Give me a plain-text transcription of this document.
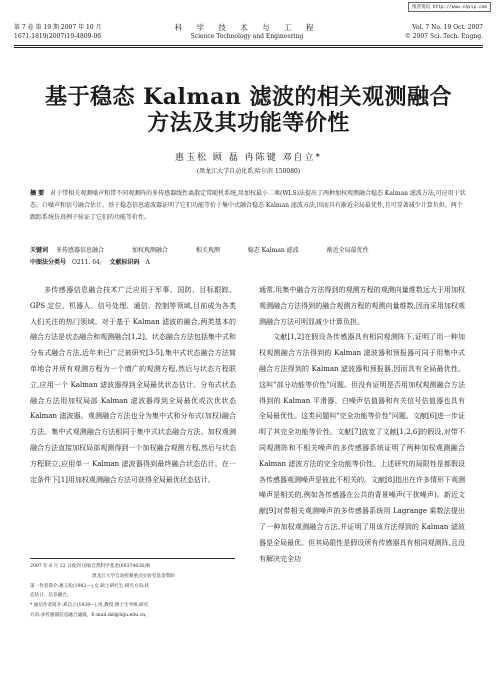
维普资讯 http://www.cqvip.com
第 7 卷 第 19 期 2007 年 10 月
1671-1819(2007)19-4809-06
科 学 技 术 与 工 程
Science Technology and Engineering
Vol. 7 No. 19 Oct. 2007
© 2007 Sci. Tech. Engng.
基于稳态 Kalman 滤波的相关观测融合
方法及其功能等价性
惠玉松 顾 磊 冉陈键 邓自立*
(黑龙江大学自动化系,哈尔滨 150080)
摘 要 对于带相关观测噪声和带不同观测阵的多传感器线性离散定常随机系统,用加权最小二乘(WLS)法提出了两种加权观测融合稳态 Kalman 滤波方法,可应用于状态、白噪声和信号融合估计。基于稳态信息滤波器证明了它们功能等价于集中式融合稳态 Kalman 滤波方法,因而具有渐近全局最优性,且可显著减少计算负担。两个跟踪系统仿真例子验证了它们的功能等价性。
关键词 多传感器信息融合	加权观测融合	相关观测	稳态 Kalman 滤波	渐近全局最优性
中图法分类号 O211. 64; 文献标识码 A

多传感器信息融合技术广泛应用于军事、国防、目标跟踪、GPS 定位、机器人、信号处理、通信、控制等领域,目前成为各类人们关注的热门领域。对于基于 Kalman 滤波的融合,两类基本的融合方法是状态融合和观测融合[1,2]。状态融合方法包括集中式和分布式融合方法,近年来已广泛被研究[3-5],集中式状态融合方法简单地合并所有观测方程为一个增广的观测方程,然后与状态方程联立,应用一个 Kalman 滤波器得到全局最优状态估计。分布式状态融合方法用加权局部 Kalman 滤波器得到全局最优或次优状态 Kalman 滤波器。观测融合方法也分为集中式和分布式(加权)融合方法。集中式观测融合方法相同于集中式状态融合方法。加权观测融合方法直接加权局部观测得到一个加权融合观测方程,然后与状态方程联立,应用单一 Kalman 滤波器得到最终融合状态估计。在一定条件下[1]用加权观测融合方法可获得全局最优状态估计。

通常,用集中融合方法得到的观测方程的观测向量维数远大于用加权观测融合方法得到的融合观测方程的观测向量维数,因而采用加权观测融合方法可明显减少计算负担。

文献[1,2]在假设各传感器具有相同观测阵下,证明了用一种加权观测融合方法得到的 Kalman 滤波器和预报器可同于用集中式融合方法得到的 Kalman 滤波器和预报器,因而具有全局最优性。这叫"部分功能等价性"问题。但没有证明是否用加权观测融合方法得到的 Kalman 平滑器、白噪声估值器和有关信号估值器也具有全局最优性。这类问题叫"完全功能等价性"问题。文献[6]进一步证明了其完全功能等价性。文献[7]放宽了文献[1,2,6]的假设,对带不同观测阵和不相关噪声的多传感器系统证明了两种加权观测融合 Kalman 滤波方法的完全功能等价性。上述研究的局限性是都假设各传感器观测噪声是彼此不相关的。文献[8]指出在许多情形下观测噪声是相关的,例如各传感器在公共的背景噪声(干扰噪声)。新近文献[9]对带相关观测噪声的多传感器系统用 Lagrange 乘数法提出了一种加权观测融合方法,并证明了用该方法得到的 Kalman 滤波器是全局最优。但其局限性是假设所有传感器具有相同观测阵,且没有解决完全功

2007 年 6 月 12 日收到 国家自然科学基金(60374026)和
黑龙江大学自动控制重点实验室基金资助
第一作者简介:惠玉松(1982—),女,硕士研究生,研究方向:状
态估计、信息融合。
* 通信作者简介:邓自立(1938—),男,教授,博士生导师,研究
方向:多传感器信息融合滤波。E-mail:dzl@hlju.edu.cn。
